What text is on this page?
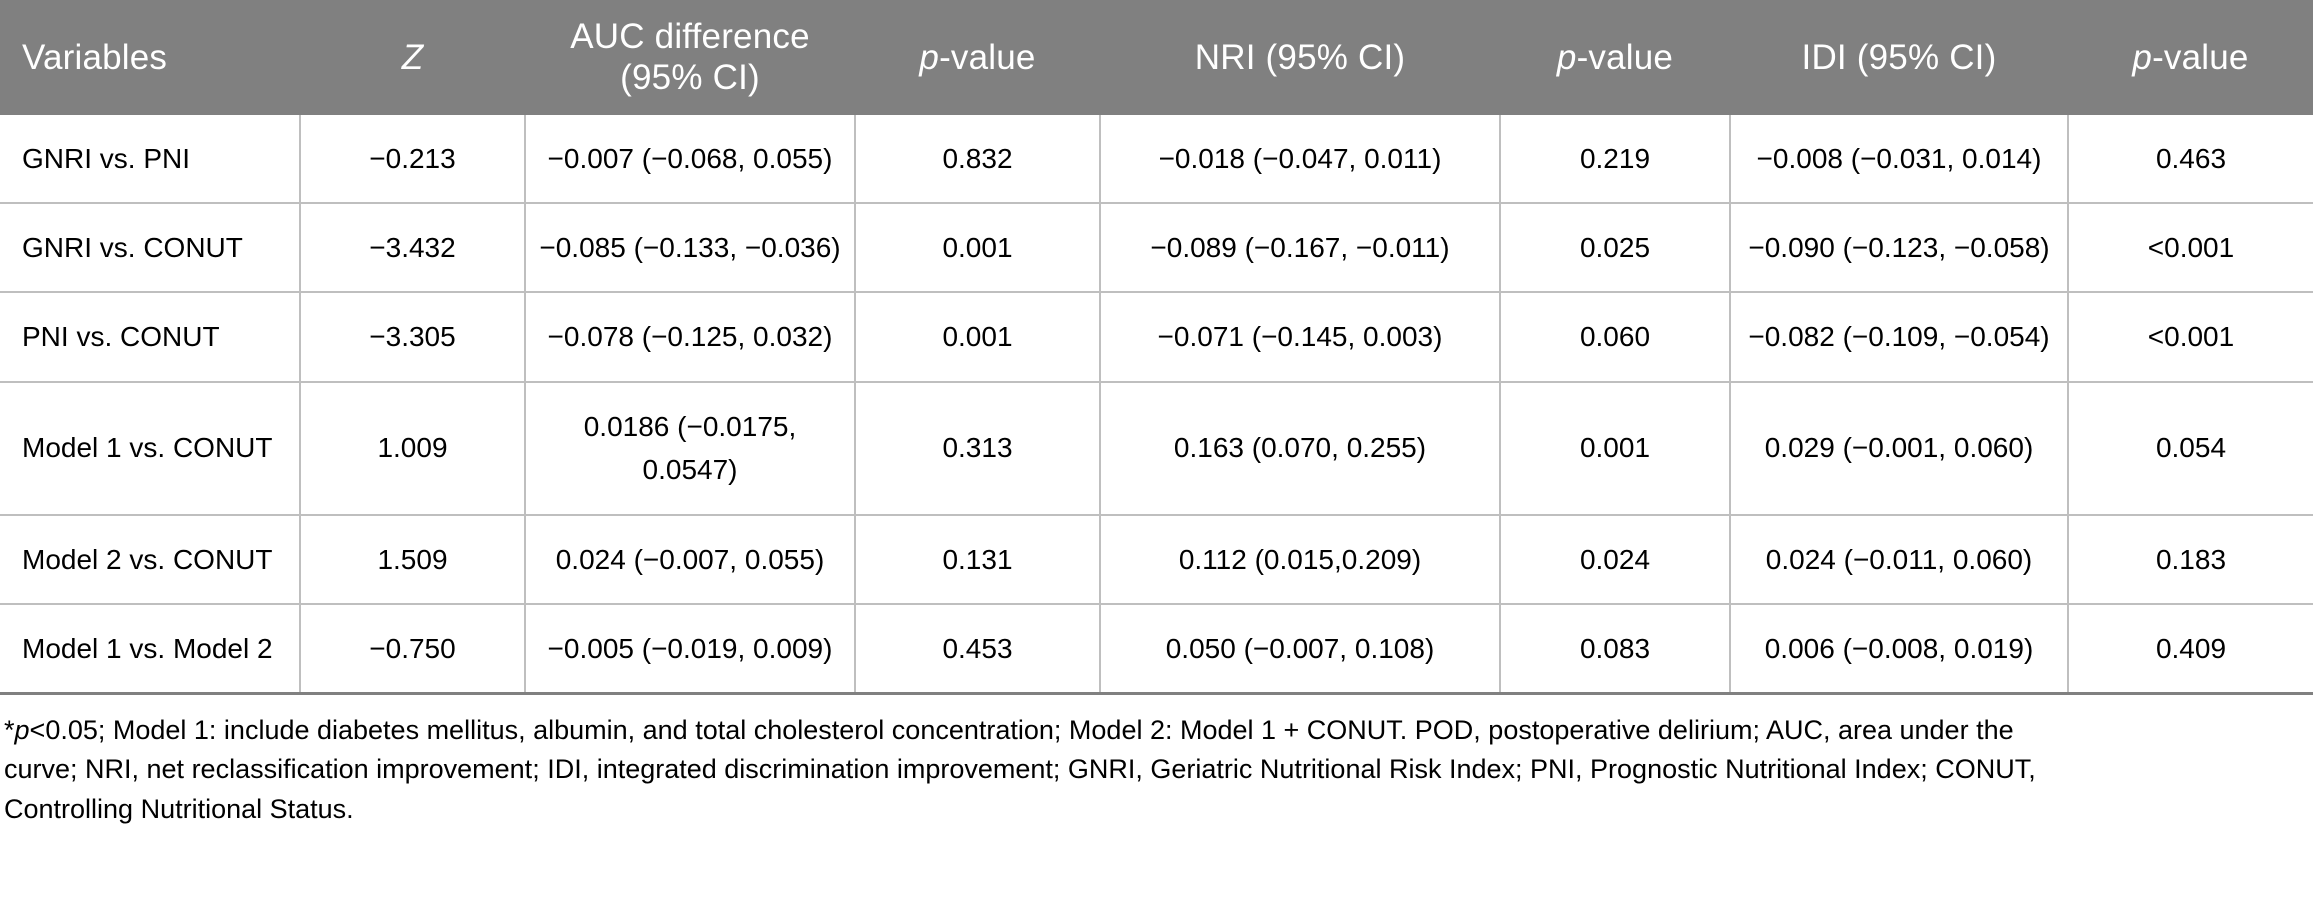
Variables	Z	AUC difference (95% CI)	p-value	NRI (95% CI)	p-value	IDI (95% CI)	p-value
GNRI vs. PNI	−0.213	−0.007 (−0.068, 0.055)	0.832	−0.018 (−0.047, 0.011)	0.219	−0.008 (−0.031, 0.014)	0.463
GNRI vs. CONUT	−3.432	−0.085 (−0.133, −0.036)	0.001	−0.089 (−0.167, −0.011)	0.025	−0.090 (−0.123, −0.058)	<0.001
PNI vs. CONUT	−3.305	−0.078 (−0.125, 0.032)	0.001	−0.071 (−0.145, 0.003)	0.060	−0.082 (−0.109, −0.054)	<0.001
Model 1 vs. CONUT	1.009	0.0186 (−0.0175, 0.0547)	0.313	0.163 (0.070, 0.255)	0.001	0.029 (−0.001, 0.060)	0.054
Model 2 vs. CONUT	1.509	0.024 (−0.007, 0.055)	0.131	0.112 (0.015,0.209)	0.024	0.024 (−0.011, 0.060)	0.183
Model 1 vs. Model 2	−0.750	−0.005 (−0.019, 0.009)	0.453	0.050 (−0.007, 0.108)	0.083	0.006 (−0.008, 0.019)	0.409
*p<0.05; Model 1: include diabetes mellitus, albumin, and total cholesterol concentration; Model 2: Model 1 + CONUT. POD, postoperative delirium; AUC, area under the curve; NRI, net reclassification improvement; IDI, integrated discrimination improvement; GNRI, Geriatric Nutritional Risk Index; PNI, Prognostic Nutritional Index; CONUT, Controlling Nutritional Status.
